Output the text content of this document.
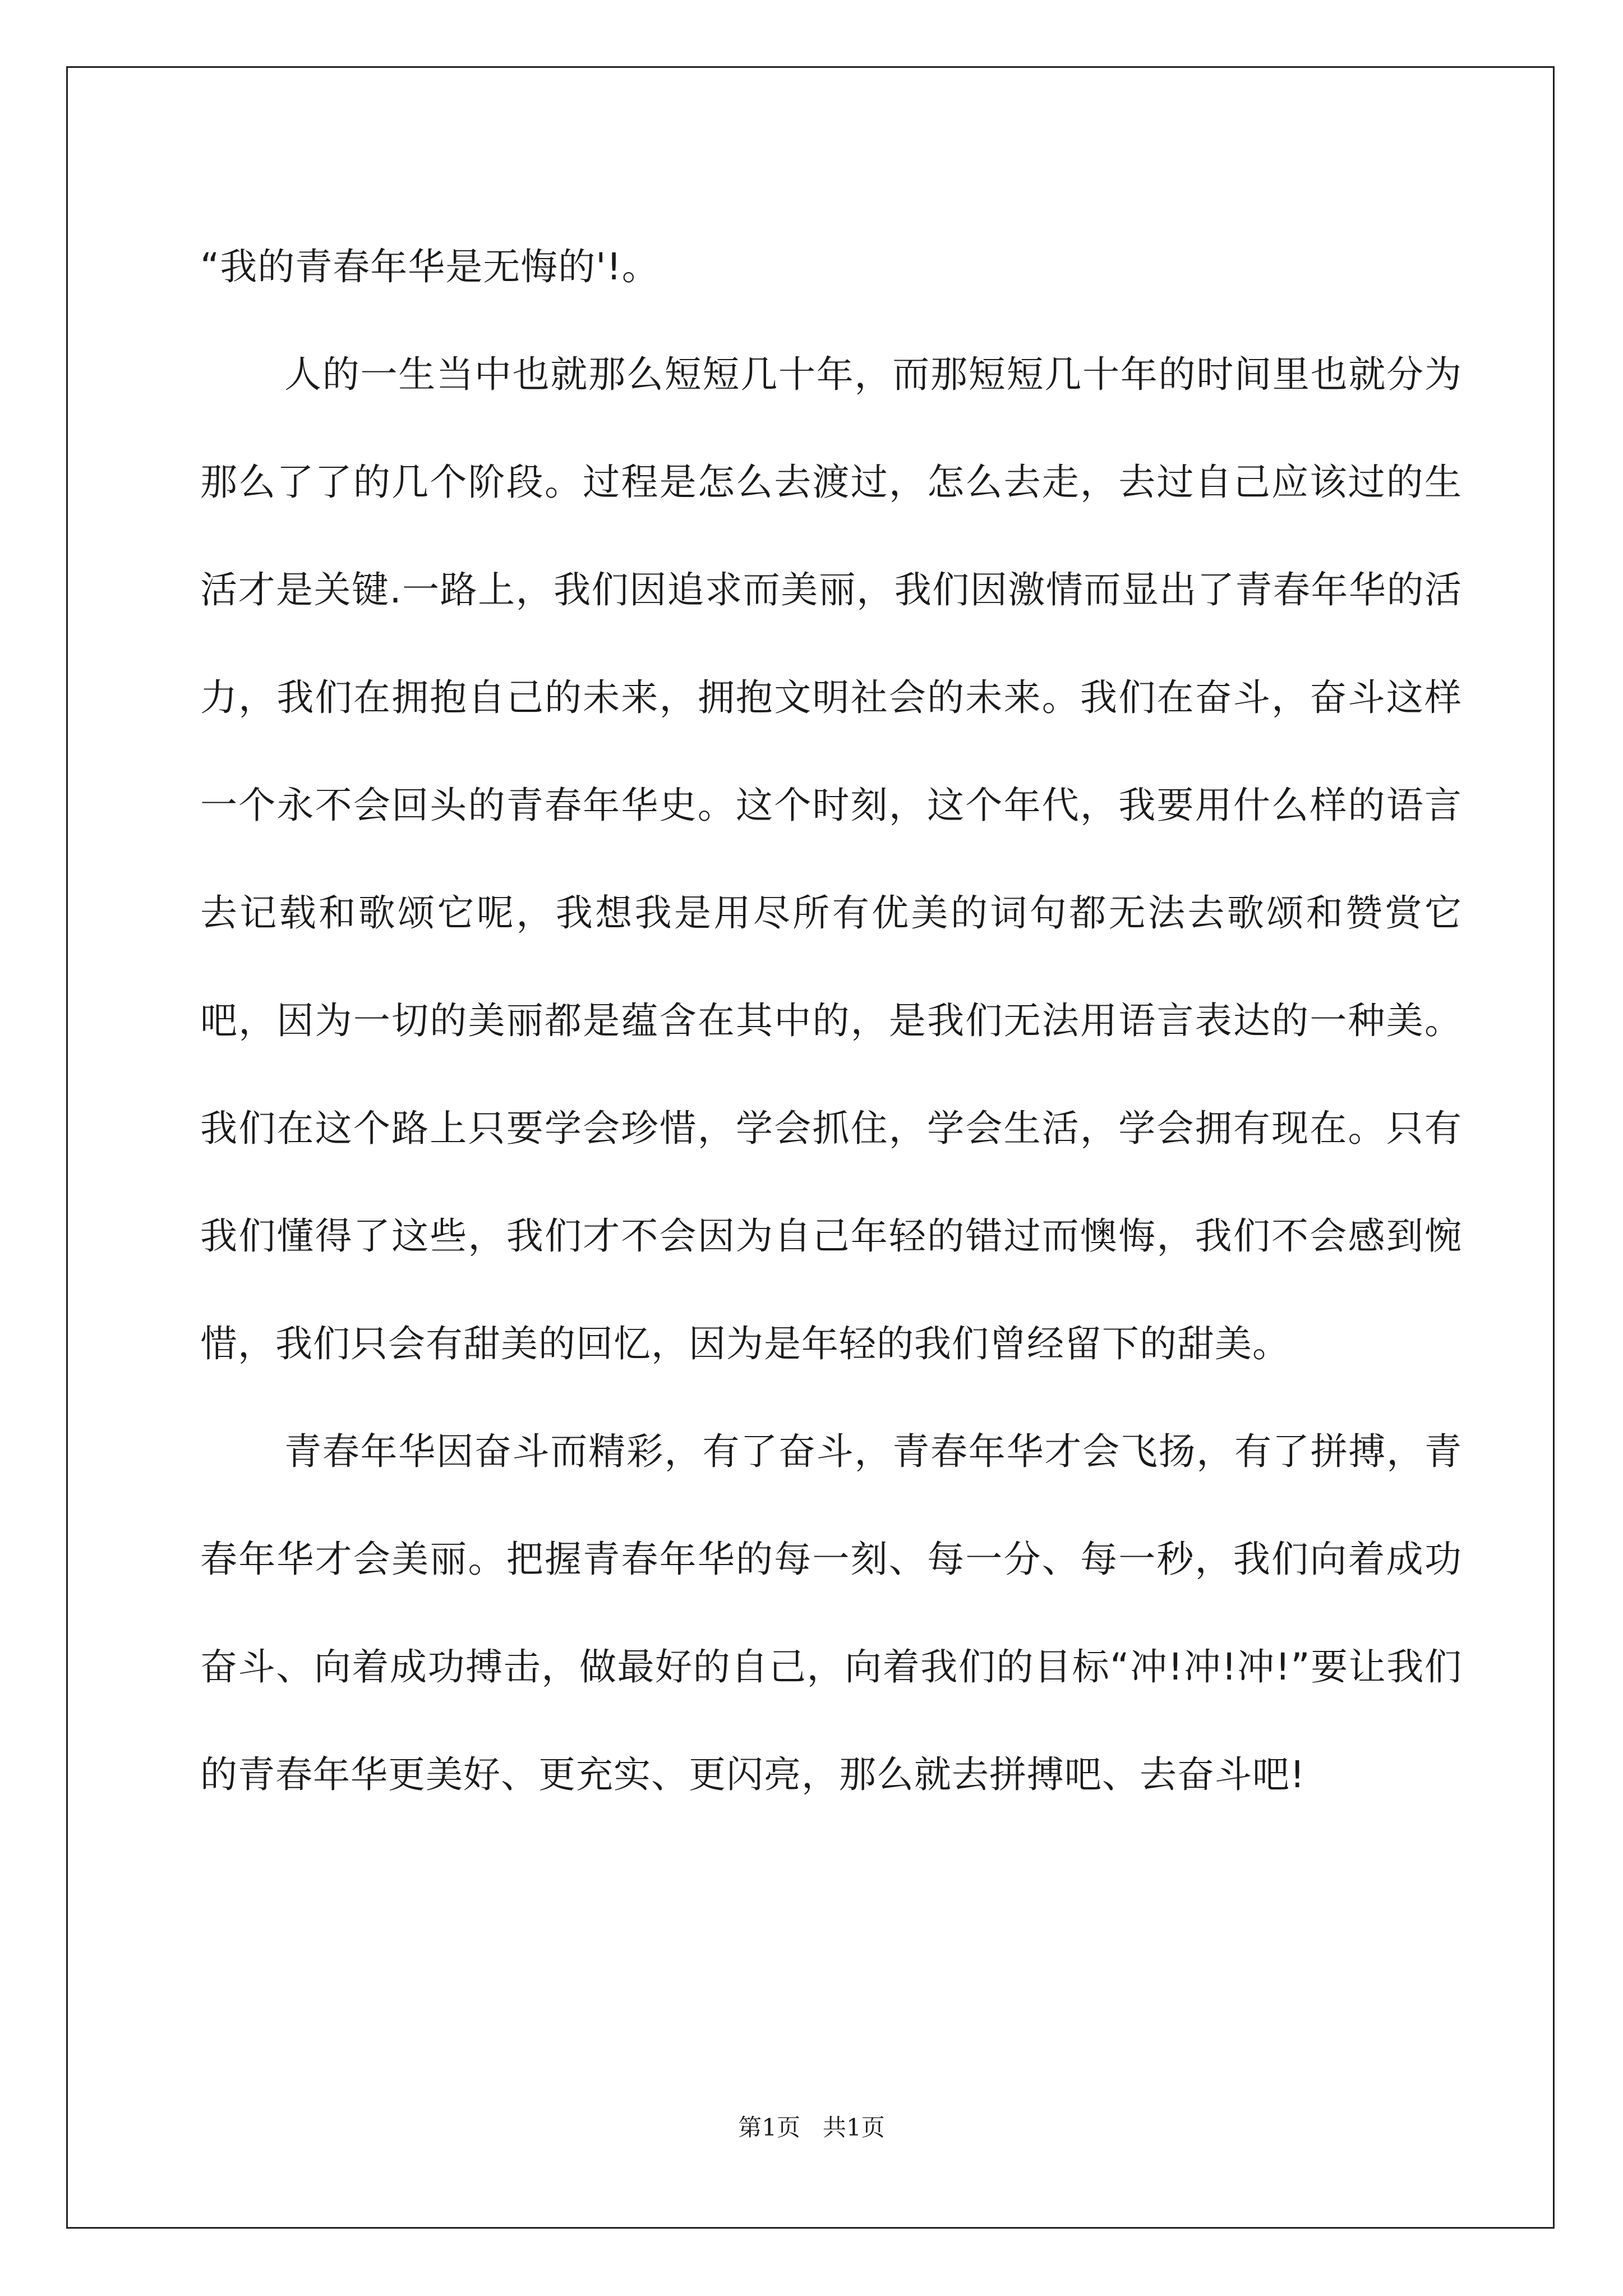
“我的青春年华是无悔的'!。

人的一生当中也就那么短短几十年，而那短短几十年的时间里也就分为那么了了的几个阶段。过程是怎么去渡过，怎么去走，去过自己应该过的生活才是关键.一路上，我们因追求而美丽，我们因激情而显出了青春年华的活力，我们在拥抱自己的未来，拥抱文明社会的未来。我们在奋斗，奋斗这样一个永不会回头的青春年华史。这个时刻，这个年代，我要用什么样的语言去记载和歌颂它呢，我想我是用尽所有优美的词句都无法去歌颂和赞赏它吧，因为一切的美丽都是蕴含在其中的，是我们无法用语言表达的一种美。我们在这个路上只要学会珍惜，学会抓住，学会生活，学会拥有现在。只有我们懂得了这些，我们才不会因为自己年轻的错过而懊悔，我们不会感到惋惜，我们只会有甜美的回忆，因为是年轻的我们曾经留下的甜美。

青春年华因奋斗而精彩，有了奋斗，青春年华才会飞扬，有了拼搏，青春年华才会美丽。把握青春年华的每一刻、每一分、每一秒，我们向着成功奋斗、向着成功搏击，做最好的自己，向着我们的目标“冲!冲!冲!”要让我们的青春年华更美好、更充实、更闪亮，那么就去拼搏吧、去奋斗吧!

第1页 共1页
